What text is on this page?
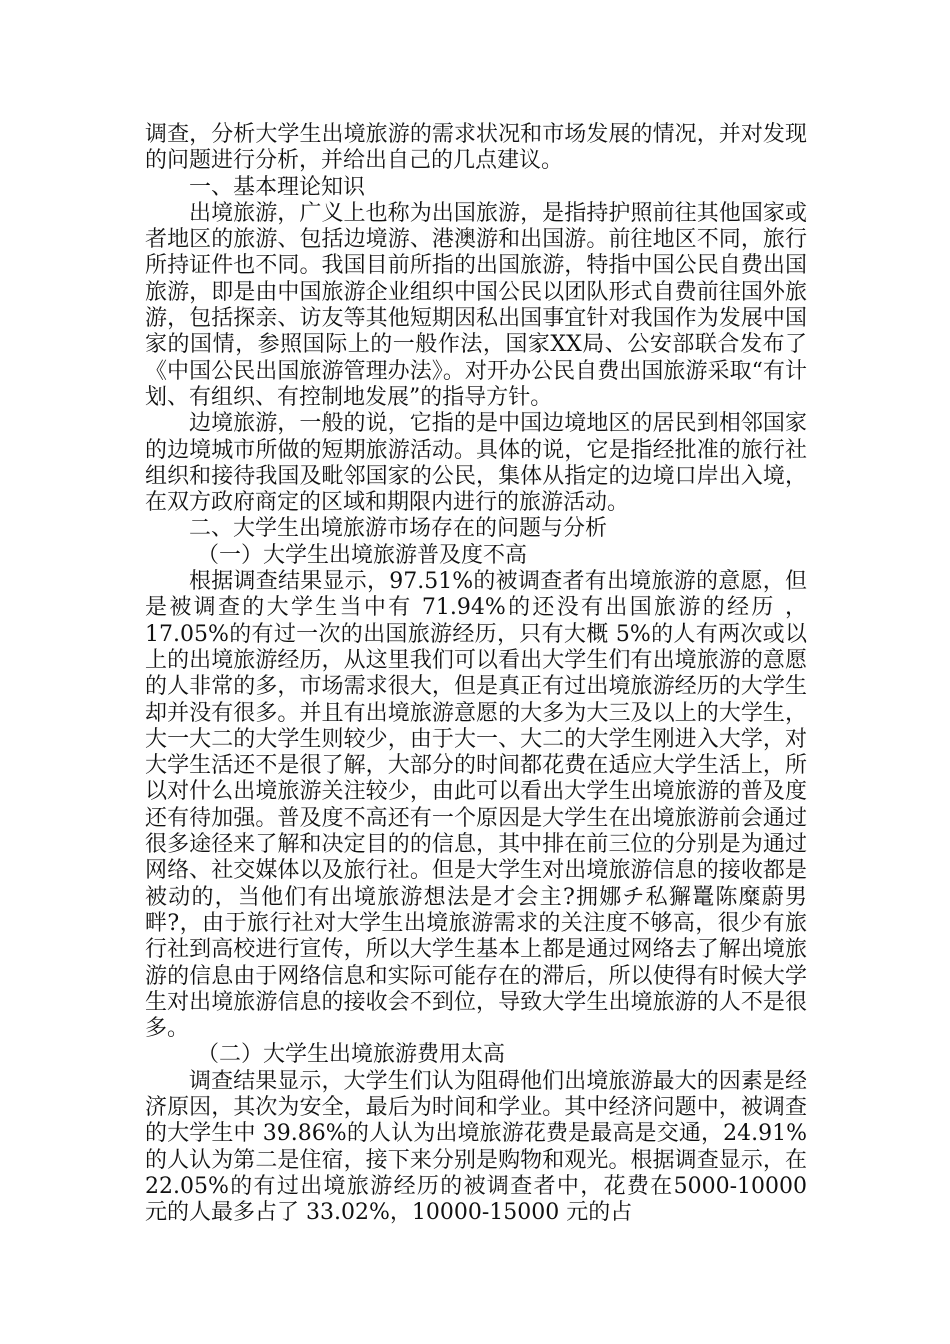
调查，分析大学生出境旅游的需求状况和市场发展的情况，并对发现的问题进行分析，并给出自己的几点建议。

一、基本理论知识

出境旅游，广义上也称为出国旅游，是指持护照前往其他国家或者地区的旅游、包括边境游、港澳游和出国游。前往地区不同，旅行所持证件也不同。我国目前所指的出国旅游，特指中国公民自费出国旅游，即是由中国旅游企业组织中国公民以团队形式自费前往国外旅游，包括探亲、访友等其他短期因私出国事宜针对我国作为发展中国家的国情，参照国际上的一般作法，国家XX局、公安部联合发布了《中国公民出国旅游管理办法》。对开办公民自费出国旅游采取“有计划、有组织、有控制地发展”的指导方针。

边境旅游，一般的说，它指的是中国边境地区的居民到相邻国家的边境城市所做的短期旅游活动。具体的说，它是指经批准的旅行社组织和接待我国及毗邻国家的公民，集体从指定的边境口岸出入境，在双方政府商定的区域和期限内进行的旅游活动。

二、大学生出境旅游市场存在的问题与分析

（一）大学生出境旅游普及度不高

根据调查结果显示，97.51%的被调查者有出境旅游的意愿，但是被调查的大学生当中有 71.94%的还没有出国旅游的经历 ，17.05%的有过一次的出国旅游经历，只有大概 5%的人有两次或以上的出境旅游经历，从这里我们可以看出大学生们有出境旅游的意愿的人非常的多，市场需求很大，但是真正有过出境旅游经历的大学生却并没有很多。并且有出境旅游意愿的大多为大三及以上的大学生，大一大二的大学生则较少，由于大一、大二的大学生刚进入大学，对大学生活还不是很了解，大部分的时间都花费在适应大学生活上，所以对什么出境旅游关注较少，由此可以看出大学生出境旅游的普及度还有待加强。普及度不高还有一个原因是大学生在出境旅游前会通过很多途径来了解和决定目的的信息，其中排在前三位的分别是为通过网络、社交媒体以及旅行社。但是大学生对出境旅游信息的接收都是被动的，当他们有出境旅游想法是才会主?拥娜チ私獬鼍陈糜蔚男畔?，由于旅行社对大学生出境旅游需求的关注度不够高，很少有旅行社到高校进行宣传，所以大学生基本上都是通过网络去了解出境旅游的信息由于网络信息和实际可能存在的滞后，所以使得有时候大学生对出境旅游信息的接收会不到位，导致大学生出境旅游的人不是很多。

（二）大学生出境旅游费用太高

调查结果显示，大学生们认为阻碍他们出境旅游最大的因素是经济原因，其次为安全，最后为时间和学业。其中经济问题中，被调查的大学生中 39.86%的人认为出境旅游花费是最高是交通，24.91%的人认为第二是住宿，接下来分别是购物和观光。根据调查显示，在 22.05%的有过出境旅游经历的被调查者中，花费在5000-10000 元的人最多占了 33.02%，10000-15000 元的占
